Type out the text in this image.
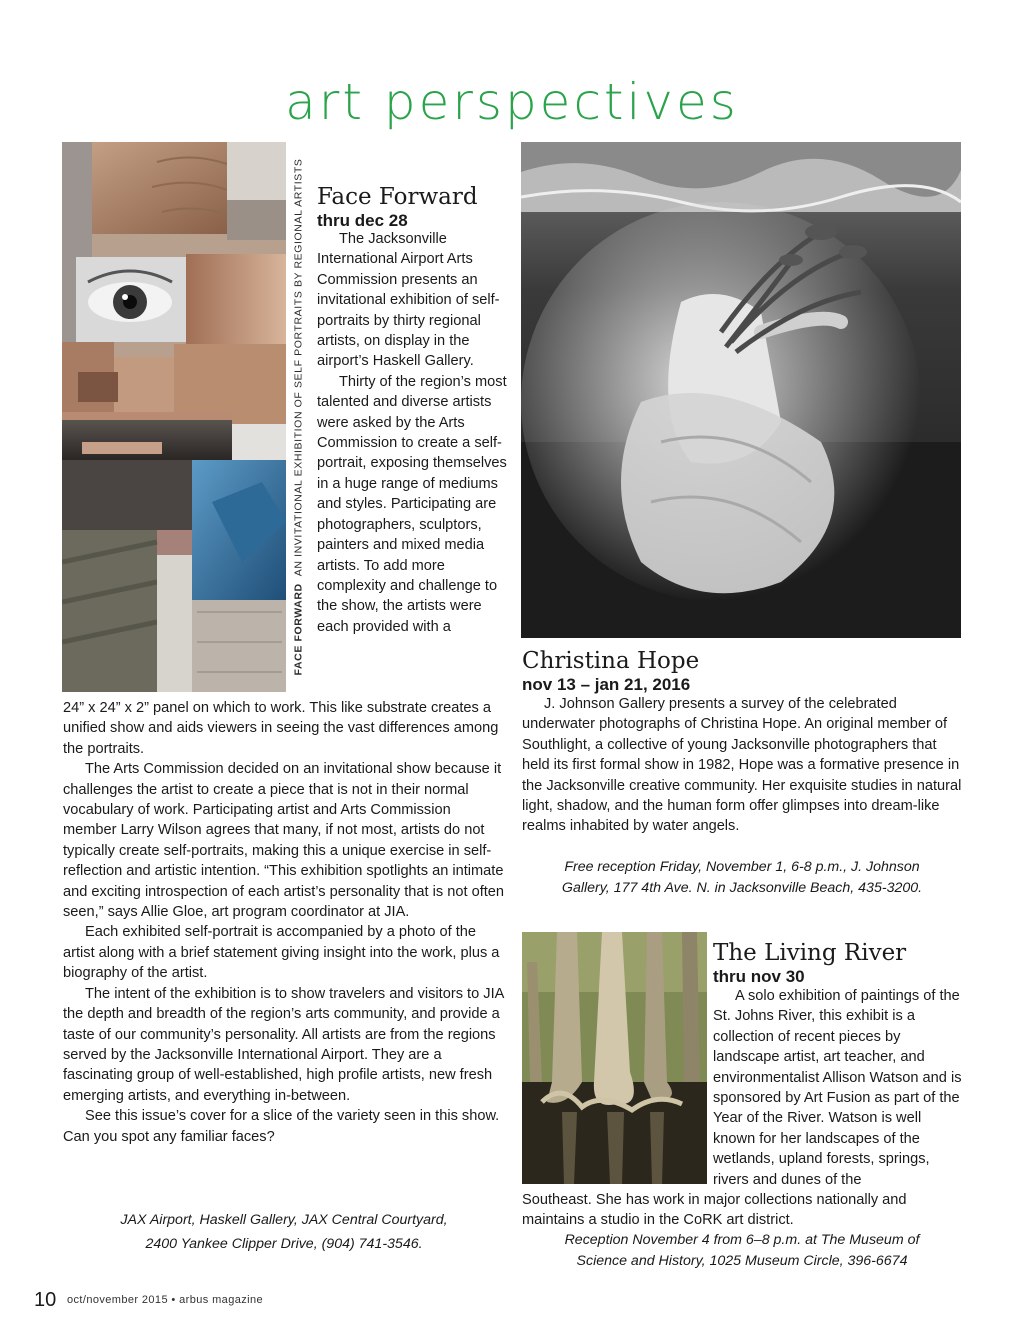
art perspectives
FACE FORWARD  AN INVITATIONAL EXHIBITION OF SELF PORTRAITS BY REGIONAL ARTISTS Face Forward
thru dec 28

The Jacksonville International Airport Arts Commission presents an invitational exhibition of self-portraits by thirty regional artists, on display in the airport’s Haskell Gallery.

Thirty of the region’s most talented and diverse artists were asked by the Arts Commission to create a self-portrait, exposing themselves in a huge range of mediums and styles. Participating are photographers, sculptors, painters and mixed media artists. To add more complexity and challenge to the show, the artists were each provided with a

24” x 24” x 2” panel on which to work. This like substrate creates a unified show and aids viewers in seeing the vast differences among the portraits.

The Arts Commission decided on an invitational show because it challenges the artist to create a piece that is not in their normal vocabulary of work. Participating artist and Arts Commission member Larry Wilson agrees that many, if not most, artists do not typically create self-portraits, making this a unique exercise in self-reflection and artistic intention. “This exhibition spotlights an intimate and exciting introspection of each artist’s personality that is not often seen,” says Allie Gloe, art program coordinator at JIA.

Each exhibited self-portrait is accompanied by a photo of the artist along with a brief statement giving insight into the work, plus a biography of the artist.

The intent of the exhibition is to show travelers and visitors to JIA the depth and breadth of the region’s arts community, and provide a taste of our community’s personality. All artists are from the regions served by the Jacksonville International Airport. They are a fascinating group of well-established, high profile artists, new fresh emerging artists, and everything in-between.

See this issue’s cover for a slice of the variety seen in this show. Can you spot any familiar faces?

JAX Airport, Haskell Gallery, JAX Central Courtyard,
2400 Yankee Clipper Drive, (904) 741-3546.
Christina Hope
nov 13 – jan 21, 2016

J. Johnson Gallery presents a survey of the celebrated underwater photographs of Christina Hope. An original member of Southlight, a collective of young Jacksonville photographers that held its first formal show in 1982, Hope was a formative presence in the Jacksonville creative community. Her exquisite studies in natural light, shadow, and the human form offer glimpses into dream-like realms inhabited by water angels.

Free reception Friday, November 1, 6-8 p.m., J. Johnson
Gallery, 177 4th Ave. N. in Jacksonville Beach, 435-3200.
The Living River
thru nov 30

A solo exhibition of paintings of the St. Johns River, this exhibit is a collection of recent pieces by landscape artist, art teacher, and environmentalist Allison Watson and is sponsored by Art Fusion as part of the Year of the River. Watson is well known for her landscapes of the wetlands, upland forests, springs, rivers and dunes of the

Southeast. She has work in major collections nationally and maintains a studio in the CoRK art district.

Reception November 4 from 6–8 p.m. at The Museum of
Science and History, 1025 Museum Circle, 396-6674
10 oct/november 2015 • arbus magazine
